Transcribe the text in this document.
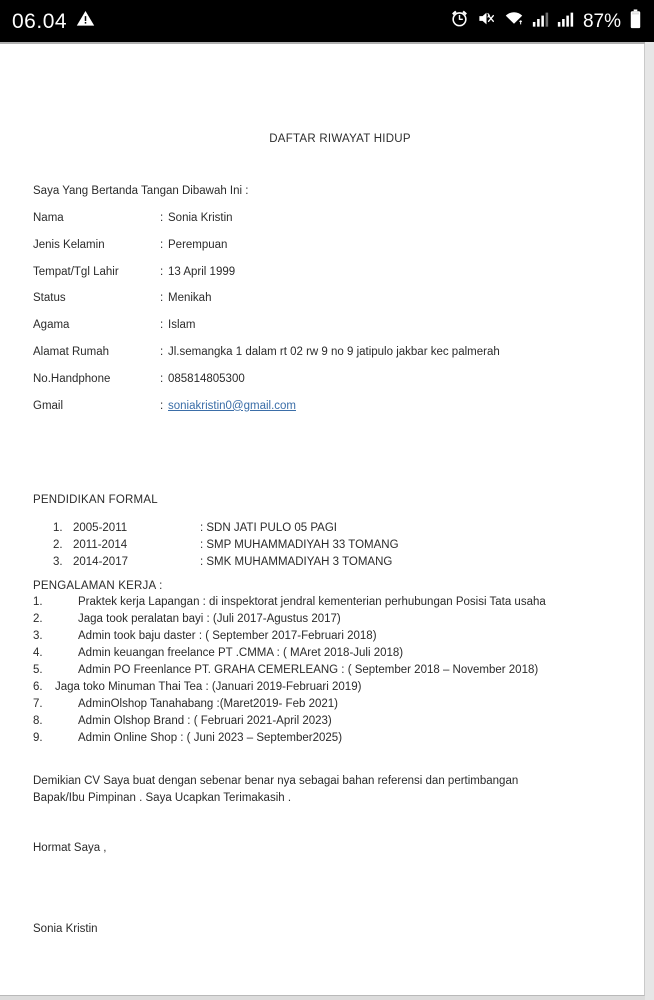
06.04	87%
DAFTAR RIWAYAT HIDUP
Saya Yang Bertanda Tangan Dibawah Ini :
Nama	: Sonia Kristin
Jenis Kelamin	: Perempuan
Tempat/Tgl Lahir	: 13 April 1999
Status	: Menikah
Agama	: Islam
Alamat Rumah	: Jl.semangka 1 dalam rt 02 rw 9 no 9 jatipulo jakbar kec palmerah
No.Handphone	: 085814805300
Gmail	: soniakristin0@gmail.com
PENDIDIKAN FORMAL
1. 2005-2011	: SDN JATI PULO 05 PAGI
2. 2011-2014	: SMP MUHAMMADIYAH 33 TOMANG
3. 2014-2017	: SMK MUHAMMADIYAH 3 TOMANG
PENGALAMAN KERJA :
1.	Praktek kerja Lapangan : di inspektorat jendral kementerian perhubungan Posisi Tata usaha
2.	Jaga took peralatan bayi : (Juli 2017-Agustus 2017)
3.	Admin took baju daster : ( September 2017-Februari 2018)
4.	Admin keuangan freelance PT .CMMA : ( MAret 2018-Juli 2018)
5.	Admin PO Freenlance PT. GRAHA CEMERLEANG : ( September 2018 – November 2018)
6.	Jaga toko Minuman Thai Tea : (Januari 2019-Februari 2019)
7.	AdminOlshop Tanahabang :(Maret2019- Feb 2021)
8.	Admin Olshop Brand : ( Februari 2021-April 2023)
9.	Admin Online Shop : ( Juni 2023 – September2025)
Demikian CV Saya buat dengan sebenar benar nya sebagai bahan referensi dan pertimbangan
Bapak/Ibu Pimpinan . Saya Ucapkan Terimakasih .
Hormat Saya ,
Sonia Kristin
